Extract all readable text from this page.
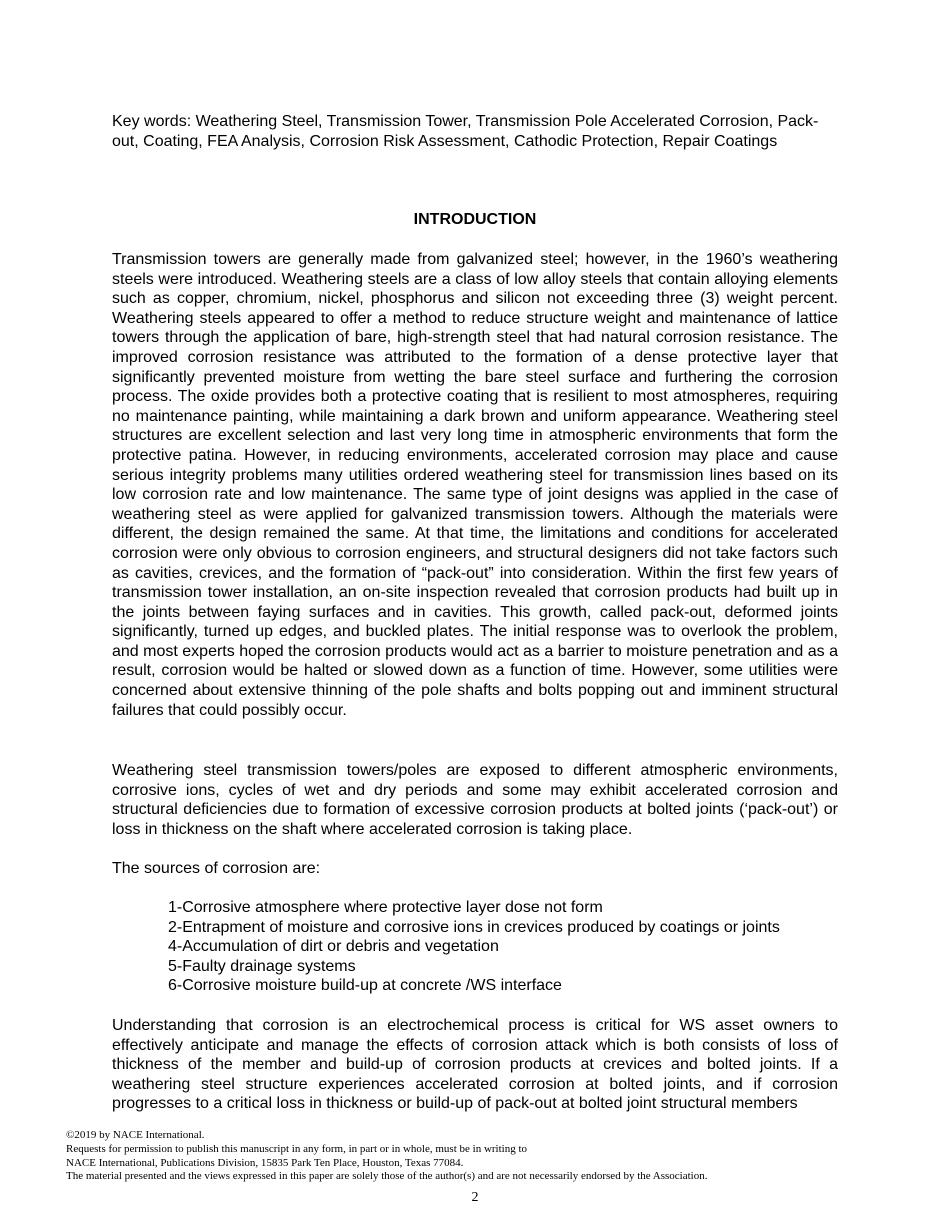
Key words: Weathering Steel, Transmission Tower, Transmission Pole Accelerated Corrosion, Pack-out, Coating, FEA Analysis, Corrosion Risk Assessment, Cathodic Protection, Repair Coatings
INTRODUCTION

Transmission towers are generally made from galvanized steel; however, in the 1960’s weathering steels were introduced. Weathering steels are a class of low alloy steels that contain alloying elements such as copper, chromium, nickel, phosphorus and silicon not exceeding three (3) weight percent. Weathering steels appeared to offer a method to reduce structure weight and maintenance of lattice towers through the application of bare, high-strength steel that had natural corrosion resistance. The improved corrosion resistance was attributed to the formation of a dense protective layer that significantly prevented moisture from wetting the bare steel surface and furthering the corrosion process. The oxide provides both a protective coating that is resilient to most atmospheres, requiring no maintenance painting, while maintaining a dark brown and uniform appearance. Weathering steel structures are excellent selection and last very long time in atmospheric environments that form the protective patina. However, in reducing environments, accelerated corrosion may place and cause serious integrity problems many utilities ordered weathering steel for transmission lines based on its low corrosion rate and low maintenance. The same type of joint designs was applied in the case of weathering steel as were applied for galvanized transmission towers. Although the materials were different, the design remained the same. At that time, the limitations and conditions for accelerated corrosion were only obvious to corrosion engineers, and structural designers did not take factors such as cavities, crevices, and the formation of “pack-out” into consideration. Within the first few years of transmission tower installation, an on-site inspection revealed that corrosion products had built up in the joints between faying surfaces and in cavities. This growth, called pack-out, deformed joints significantly, turned up edges, and buckled plates. The initial response was to overlook the problem, and most experts hoped the corrosion products would act as a barrier to moisture penetration and as a result, corrosion would be halted or slowed down as a function of time. However, some utilities were concerned about extensive thinning of the pole shafts and bolts popping out and imminent structural failures that could possibly occur.

Weathering steel transmission towers/poles are exposed to different atmospheric environments, corrosive ions, cycles of wet and dry periods and some may exhibit accelerated corrosion and structural deficiencies due to formation of excessive corrosion products at bolted joints (‘pack-out’) or loss in thickness on the shaft where accelerated corrosion is taking place.

The sources of corrosion are:

1-Corrosive atmosphere where protective layer dose not form
2-Entrapment of moisture and corrosive ions in crevices produced by coatings or joints
4-Accumulation of dirt or debris and vegetation
5-Faulty drainage systems
6-Corrosive moisture build-up at concrete /WS interface

Understanding that corrosion is an electrochemical process is critical for WS asset owners to effectively anticipate and manage the effects of corrosion attack which is both consists of loss of thickness of the member and build-up of corrosion products at crevices and bolted joints. If a weathering steel structure experiences accelerated corrosion at bolted joints, and if corrosion progresses to a critical loss in thickness or build-up of pack-out at bolted joint structural members

©2019 by NACE International.
Requests for permission to publish this manuscript in any form, in part or in whole, must be in writing to
NACE International, Publications Division, 15835 Park Ten Place, Houston, Texas 77084.
The material presented and the views expressed in this paper are solely those of the author(s) and are not necessarily endorsed by the Association.
2
